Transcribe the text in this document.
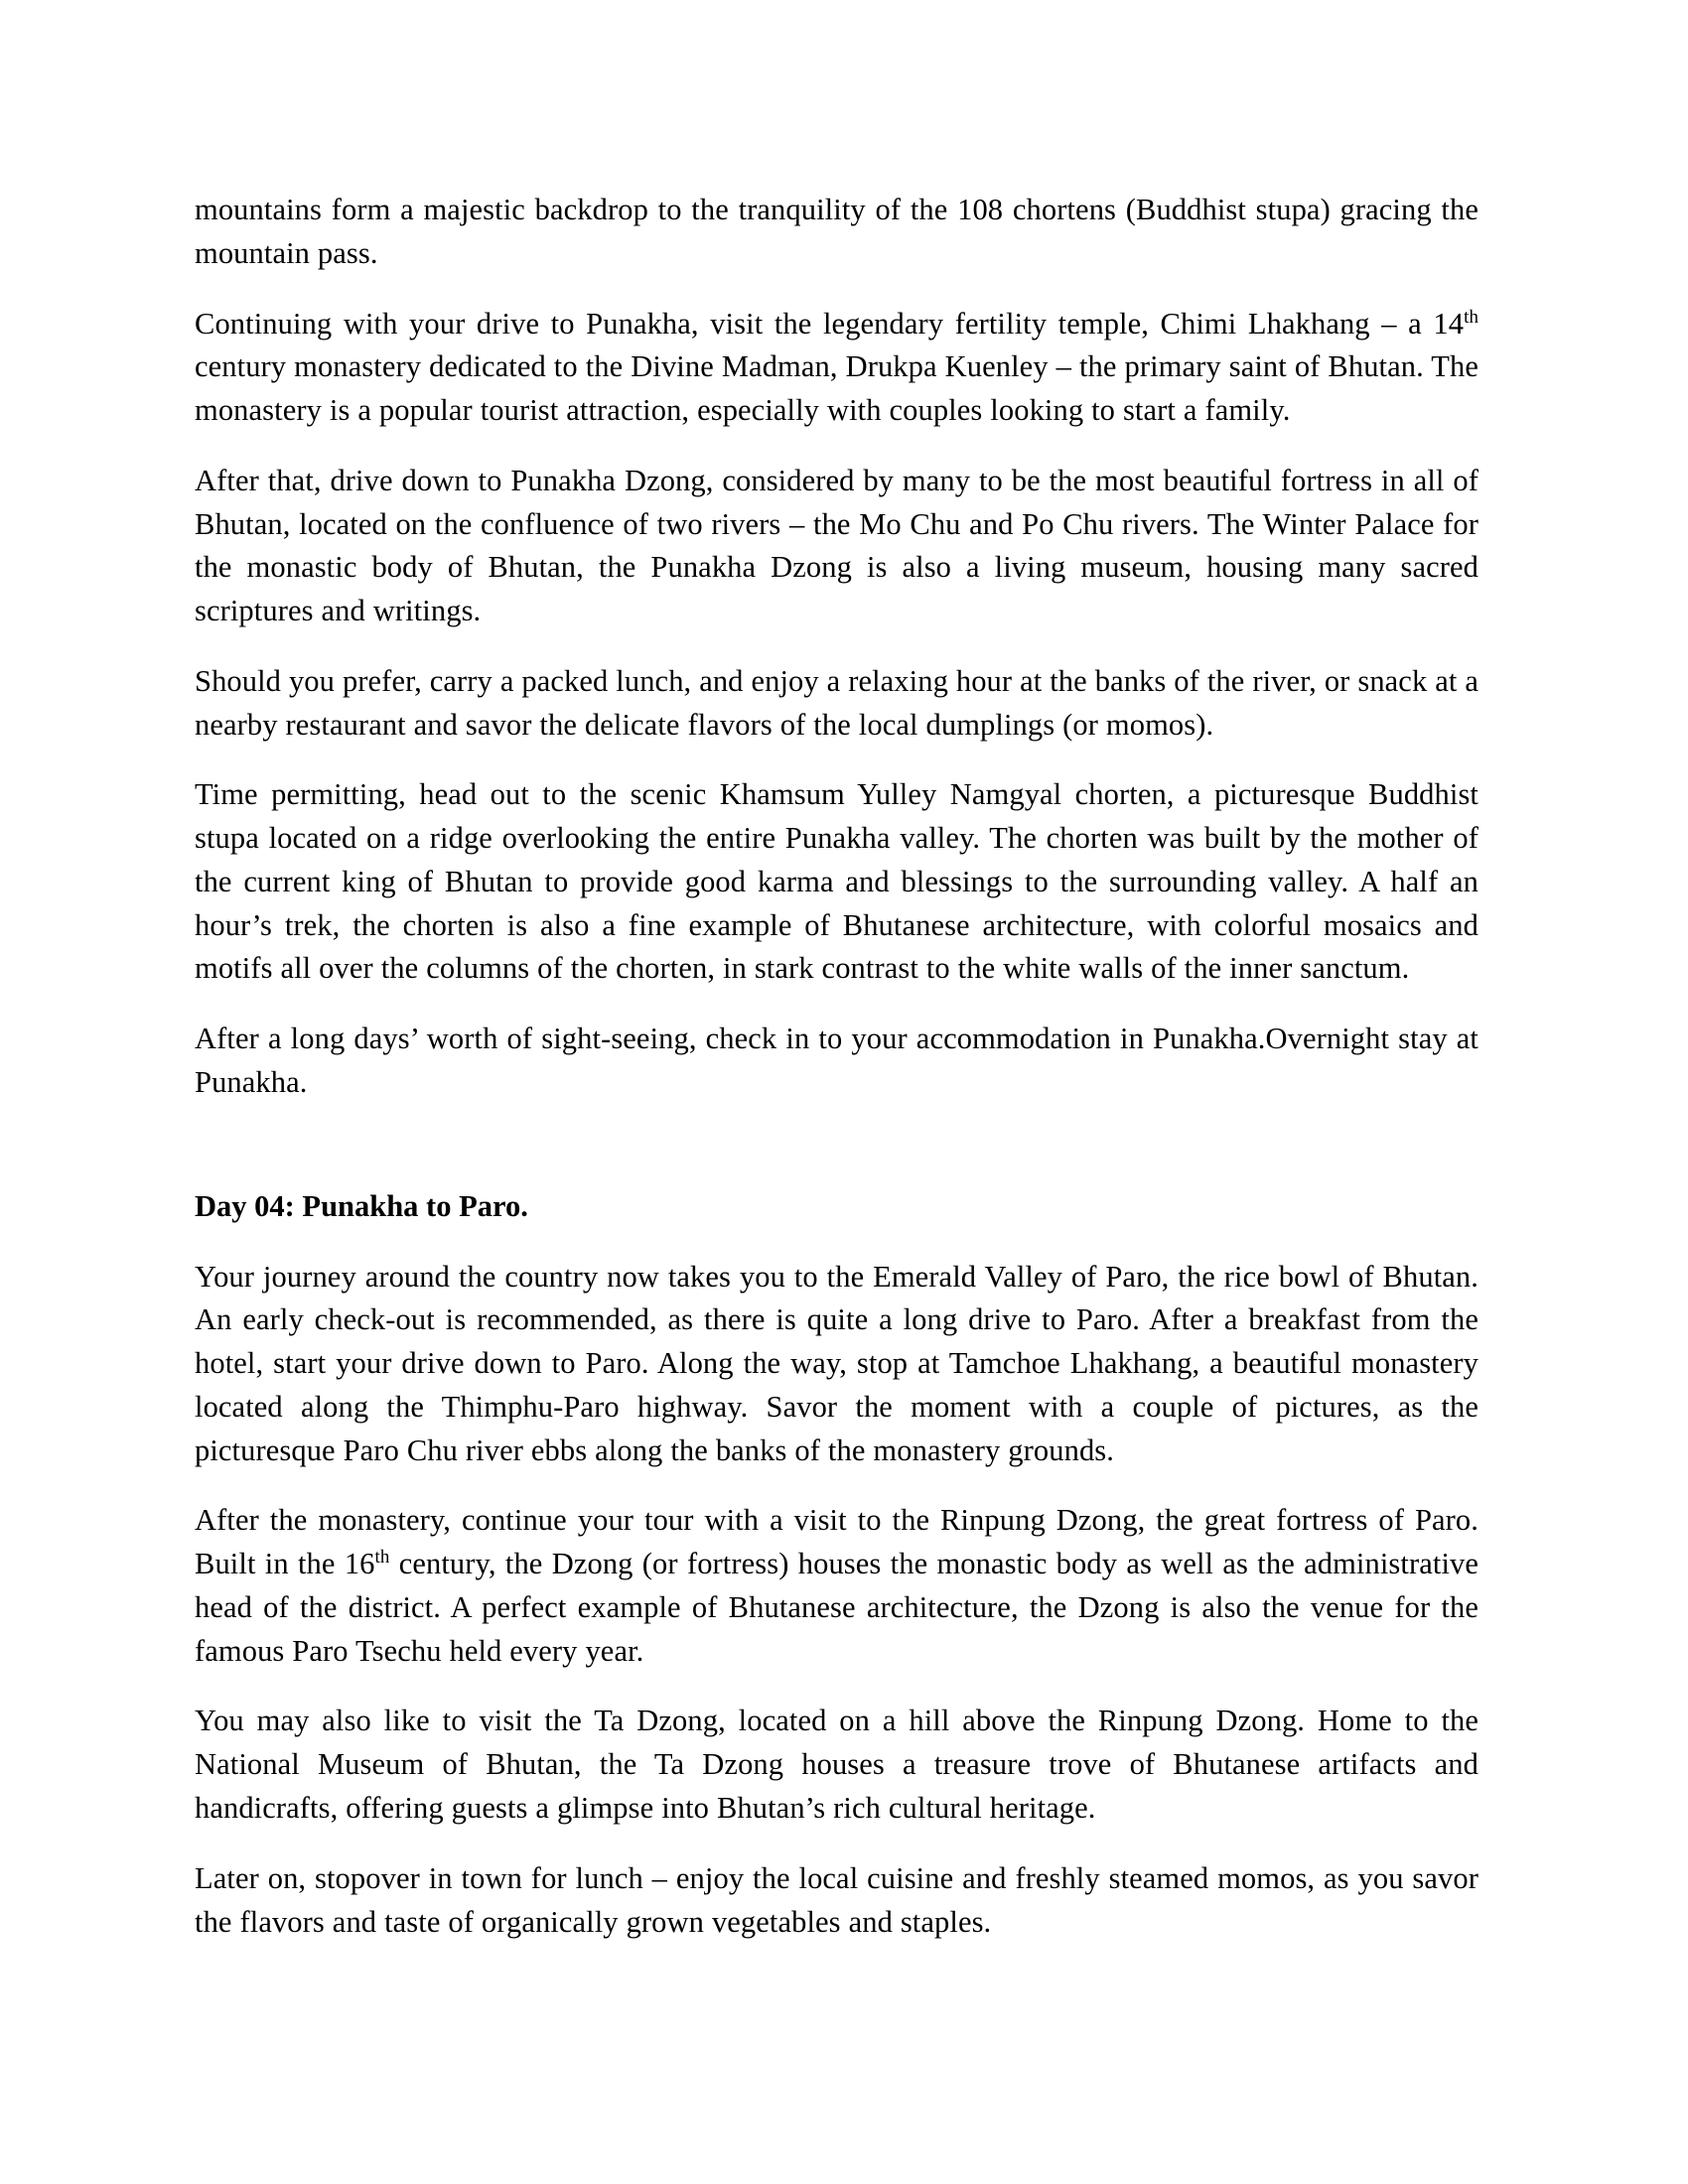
mountains form a majestic backdrop to the tranquility of the 108 chortens (Buddhist stupa) gracing the mountain pass.

Continuing with your drive to Punakha, visit the legendary fertility temple, Chimi Lhakhang – a 14th century monastery dedicated to the Divine Madman, Drukpa Kuenley – the primary saint of Bhutan. The monastery is a popular tourist attraction, especially with couples looking to start a family.

After that, drive down to Punakha Dzong, considered by many to be the most beautiful fortress in all of Bhutan, located on the confluence of two rivers – the Mo Chu and Po Chu rivers. The Winter Palace for the monastic body of Bhutan, the Punakha Dzong is also a living museum, housing many sacred scriptures and writings.

Should you prefer, carry a packed lunch, and enjoy a relaxing hour at the banks of the river, or snack at a nearby restaurant and savor the delicate flavors of the local dumplings (or momos).

Time permitting, head out to the scenic Khamsum Yulley Namgyal chorten, a picturesque Buddhist stupa located on a ridge overlooking the entire Punakha valley. The chorten was built by the mother of the current king of Bhutan to provide good karma and blessings to the surrounding valley. A half an hour’s trek, the chorten is also a fine example of Bhutanese architecture, with colorful mosaics and motifs all over the columns of the chorten, in stark contrast to the white walls of the inner sanctum.

After a long days’ worth of sight-seeing, check in to your accommodation in Punakha.Overnight stay at Punakha.

Day 04: Punakha to Paro.

Your journey around the country now takes you to the Emerald Valley of Paro, the rice bowl of Bhutan. An early check-out is recommended, as there is quite a long drive to Paro. After a breakfast from the hotel, start your drive down to Paro. Along the way, stop at Tamchoe Lhakhang, a beautiful monastery located along the Thimphu-Paro highway. Savor the moment with a couple of pictures, as the picturesque Paro Chu river ebbs along the banks of the monastery grounds.

After the monastery, continue your tour with a visit to the Rinpung Dzong, the great fortress of Paro. Built in the 16th century, the Dzong (or fortress) houses the monastic body as well as the administrative head of the district. A perfect example of Bhutanese architecture, the Dzong is also the venue for the famous Paro Tsechu held every year.

You may also like to visit the Ta Dzong, located on a hill above the Rinpung Dzong. Home to the National Museum of Bhutan, the Ta Dzong houses a treasure trove of Bhutanese artifacts and handicrafts, offering guests a glimpse into Bhutan’s rich cultural heritage.

Later on, stopover in town for lunch – enjoy the local cuisine and freshly steamed momos, as you savor the flavors and taste of organically grown vegetables and staples.
